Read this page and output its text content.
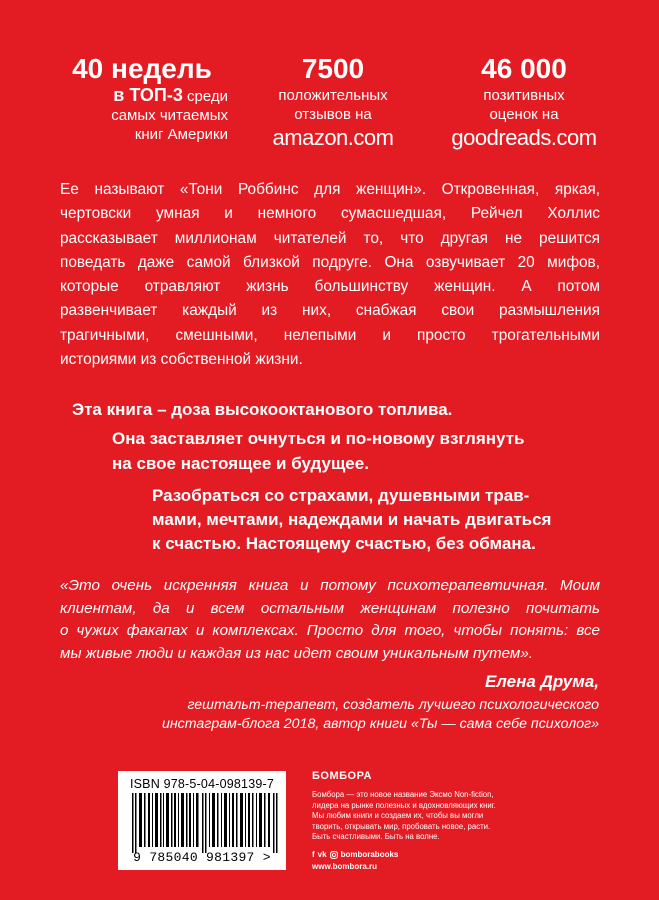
40 недель
в ТОП-3 среди
самых читаемых
книг Америки
7500
положительных
отзывов на
amazon.com
46 000
позитивных
оценок на
goodreads.com
Ее называют «Тони Роббинс для женщин». Откровенная, яркая,
чертовски умная и немного сумасшедшая, Рейчел Холлис
рассказывает миллионам читателей то, что другая не решится
поведать даже самой близкой подруге. Она озвучивает 20 мифов,
которые отравляют жизнь большинству женщин. А потом
развенчивает каждый из них, снабжая свои размышления
трагичными, смешными, нелепыми и просто трогательными
историями из собственной жизни.
Эта книга – доза высокооктанового топлива.
Она заставляет очнуться и по-новому взглянуть
на свое настоящее и будущее.
Разобраться со страхами, душевными трав-
мами, мечтами, надеждами и начать двигаться
к счастью. Настоящему счастью, без обмана.
«Это очень искренняя книга и потому психотерапевтичная. Моим
клиентам, да и всем остальным женщинам полезно почитать
о чужих факапах и комплексах. Просто для того, чтобы понять: все
мы живые люди и каждая из нас идет своим уникальным путем».
Елена Друма,
гештальт-терапевт, создатель лучшего психологического
инстаграм-блога 2018, автор книги «Ты — сама себе психолог»
ISBN 978-5-04-098139-7
9 785040 981397 >
БОМБОРА
Бомбора — это новое название Эксмо Non-fiction,
лидера на рынке полезных и вдохновляющих книг.
Мы любим книги и создаем их, чтобы вы могли
творить, открывать мир, пробовать новое, расти.
Быть счастливыми. Быть на волне.
f vk bomborabooks
www.bombora.ru
